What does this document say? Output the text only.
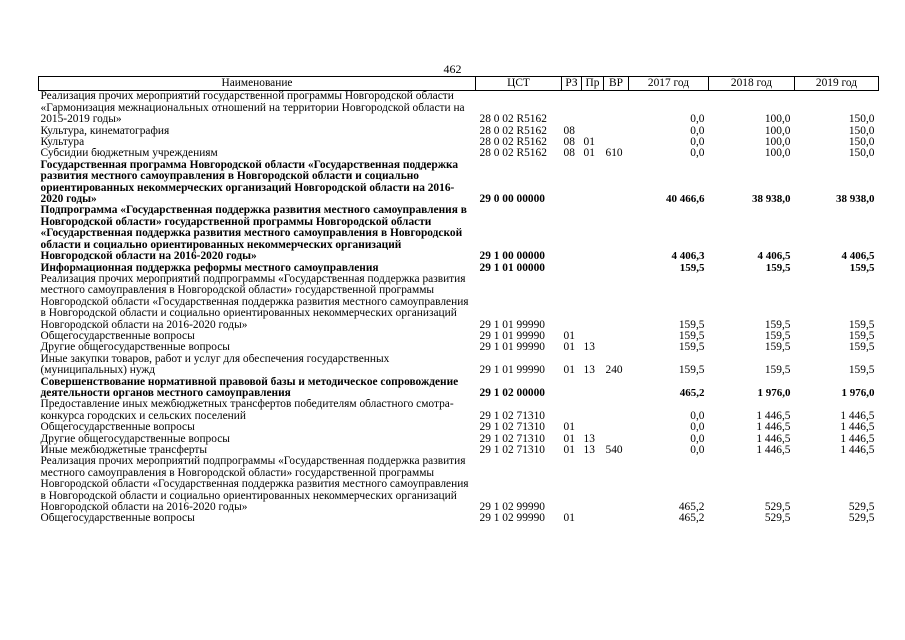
462
Наименование	ЦСТ	РЗ	Пр	ВР	2017 год	2018 год	2019 год
Реализация прочих мероприятий государственной программы Новгородской области «Гармонизация межнациональных отношений на территории Новгородской области на 2015-2019 годы»	28 0 02 R5162				0,0	100,0	150,0
Культура, кинематография	28 0 02 R5162	08			0,0	100,0	150,0
Культура	28 0 02 R5162	08	01		0,0	100,0	150,0
Субсидии бюджетным учреждениям	28 0 02 R5162	08	01	610	0,0	100,0	150,0
Государственная программа Новгородской области «Государственная поддержка развития местного самоуправления в Новгородской области и социально ориентированных некоммерческих организаций Новгородской области на 2016-2020 годы»	29 0 00 00000				40 466,6	38 938,0	38 938,0
Подпрограмма «Государственная поддержка развития местного самоуправления в Новгородской области» государственной программы Новгородской области «Государственная поддержка развития местного самоуправления в Новгородской области и социально ориентированных некоммерческих организаций Новгородской области на 2016-2020 годы»	29 1 00 00000				4 406,3	4 406,5	4 406,5
Информационная поддержка реформы местного самоуправления	29 1 01 00000				159,5	159,5	159,5
Реализация прочих мероприятий подпрограммы «Государственная поддержка развития местного самоуправления в Новгородской области» государственной программы Новгородской области «Государственная поддержка развития местного самоуправления в Новгородской области и социально ориентированных некоммерческих организаций Новгородской области на 2016-2020 годы»	29 1 01 99990				159,5	159,5	159,5
Общегосударственные вопросы	29 1 01 99990	01			159,5	159,5	159,5
Другие общегосударственные вопросы	29 1 01 99990	01	13		159,5	159,5	159,5
Иные закупки товаров, работ и услуг для обеспечения государственных (муниципальных) нужд	29 1 01 99990	01	13	240	159,5	159,5	159,5
Совершенствование нормативной правовой базы и методическое сопровождение деятельности органов местного самоуправления	29 1 02 00000				465,2	1 976,0	1 976,0
Предоставление иных межбюджетных трансфертов победителям областного смотра-конкурса городских и сельских поселений	29 1 02 71310				0,0	1 446,5	1 446,5
Общегосударственные вопросы	29 1 02 71310	01			0,0	1 446,5	1 446,5
Другие общегосударственные вопросы	29 1 02 71310	01	13		0,0	1 446,5	1 446,5
Иные межбюджетные трансферты	29 1 02 71310	01	13	540	0,0	1 446,5	1 446,5
Реализация прочих мероприятий подпрограммы «Государственная поддержка развития местного самоуправления в Новгородской области» государственной программы Новгородской области «Государственная поддержка развития местного самоуправления в Новгородской области и социально ориентированных некоммерческих организаций Новгородской области на 2016-2020 годы»	29 1 02 99990				465,2	529,5	529,5
Общегосударственные вопросы	29 1 02 99990	01			465,2	529,5	529,5
